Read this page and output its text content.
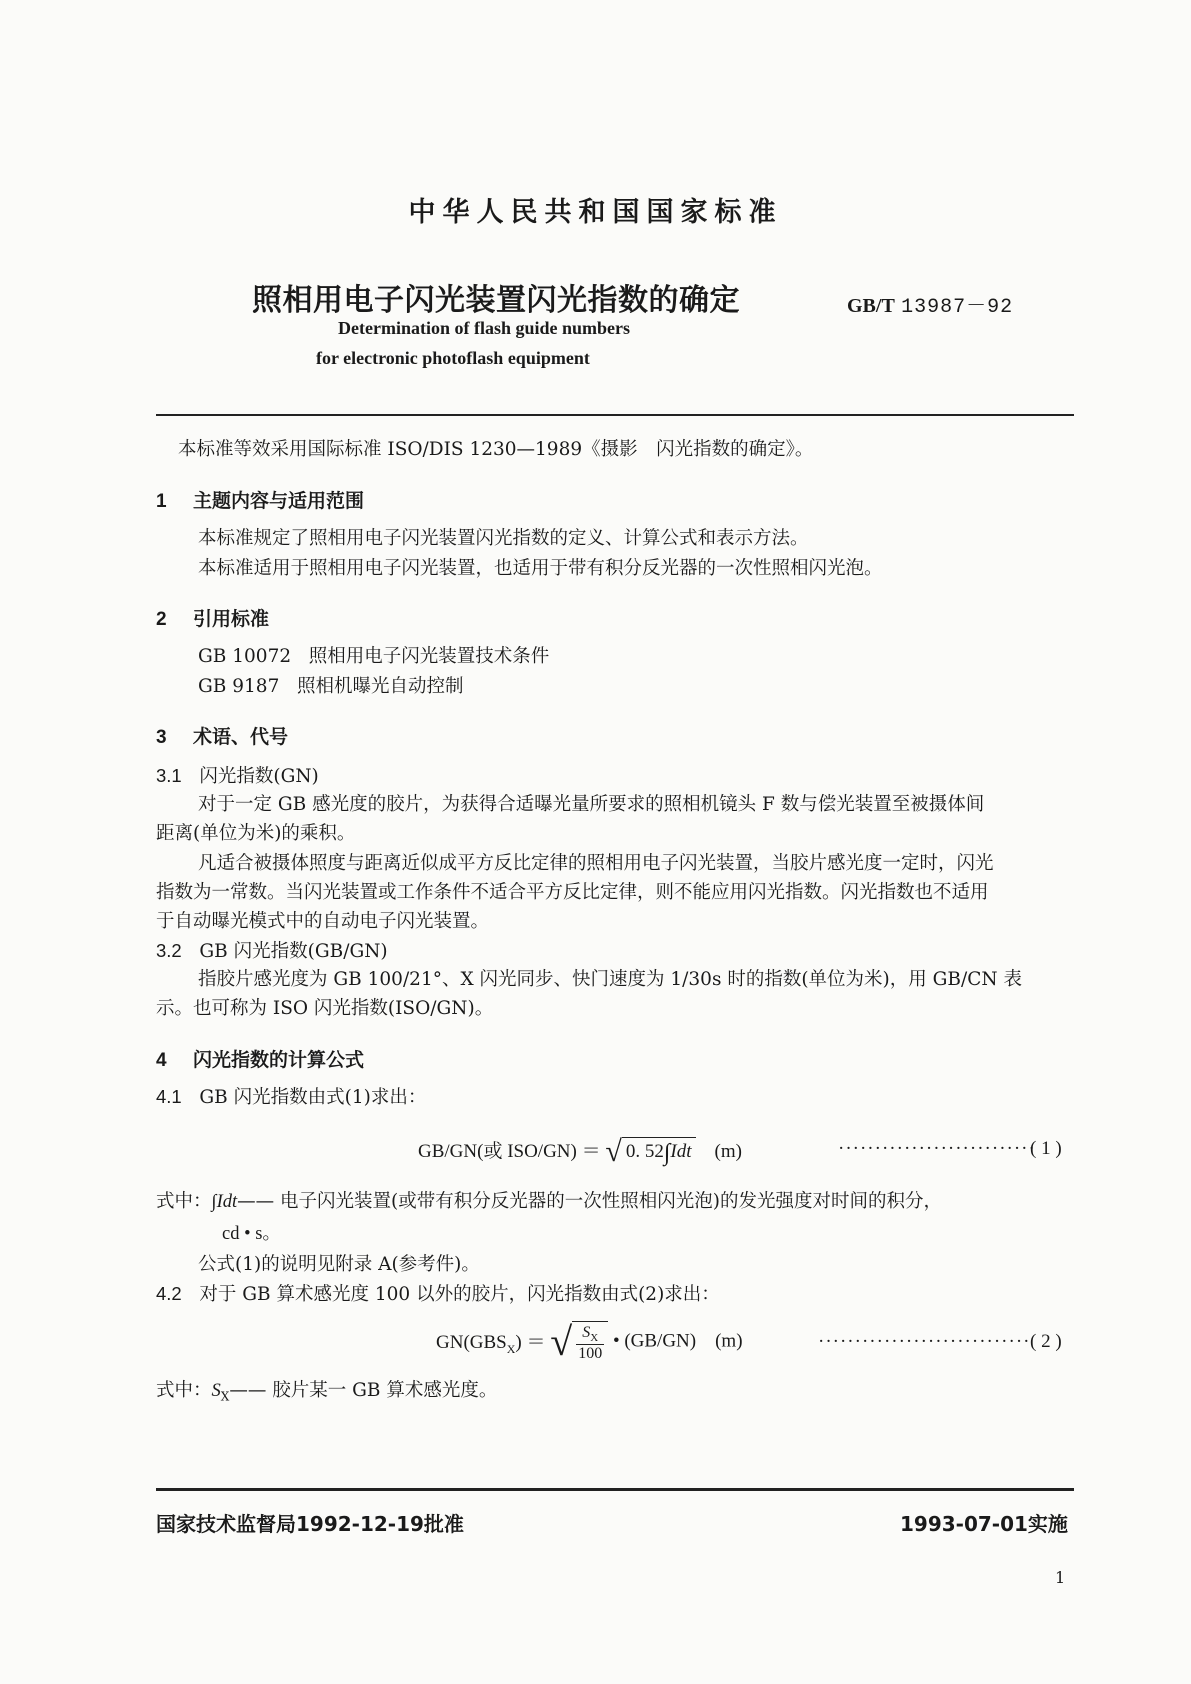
中华人民共和国国家标准
照相用电子闪光装置闪光指数的确定	GB/T 13987－92
Determination of flash guide numbers
for electronic photoflash equipment
本标准等效采用国际标准 ISO/DIS 1230—1989《摄影　闪光指数的确定》。
1 主题内容与适用范围
本标准规定了照相用电子闪光装置闪光指数的定义、计算公式和表示方法。
本标准适用于照相用电子闪光装置，也适用于带有积分反光器的一次性照相闪光泡。
2 引用标准
GB 10072 照相用电子闪光装置技术条件
GB 9187 照相机曝光自动控制
3 术语、代号
3.1 闪光指数(GN)
对于一定 GB 感光度的胶片，为获得合适曝光量所要求的照相机镜头 F 数与偿光装置至被摄体间
距离(单位为米)的乘积。
凡适合被摄体照度与距离近似成平方反比定律的照相用电子闪光装置，当胶片感光度一定时，闪光
指数为一常数。当闪光装置或工作条件不适合平方反比定律，则不能应用闪光指数。闪光指数也不适用
于自动曝光模式中的自动电子闪光装置。
3.2 GB 闪光指数(GB/GN)
指胶片感光度为 GB 100/21°、X 闪光同步、快门速度为 1/30s 时的指数(单位为米)，用 GB/CN 表
示。也可称为 ISO 闪光指数(ISO/GN)。
4 闪光指数的计算公式
4.1 GB 闪光指数由式(1)求出：
GB/GN(或 ISO/GN) ＝ √ 0. 52∫Idt (m)	···························
( 1 )
式中：∫Idt—— 电子闪光装置(或带有积分反光器的一次性照相闪光泡)的发光强度对时间的积分，
cd • s。
公式(1)的说明见附录 A(参考件)。
4.2 对于 GB 算术感光度 100 以外的胶片，闪光指数由式(2)求出：
$GN(GBS_X)$ ＝ √ $\frac{S_X}{100}$ • (GB/GN) (m)	····························· ( 2 )
式中：$S_X——$ 胶片某一 GB 算术感光度。
国家技术监督局1992-12-19批准	1993-07-01实施
1
